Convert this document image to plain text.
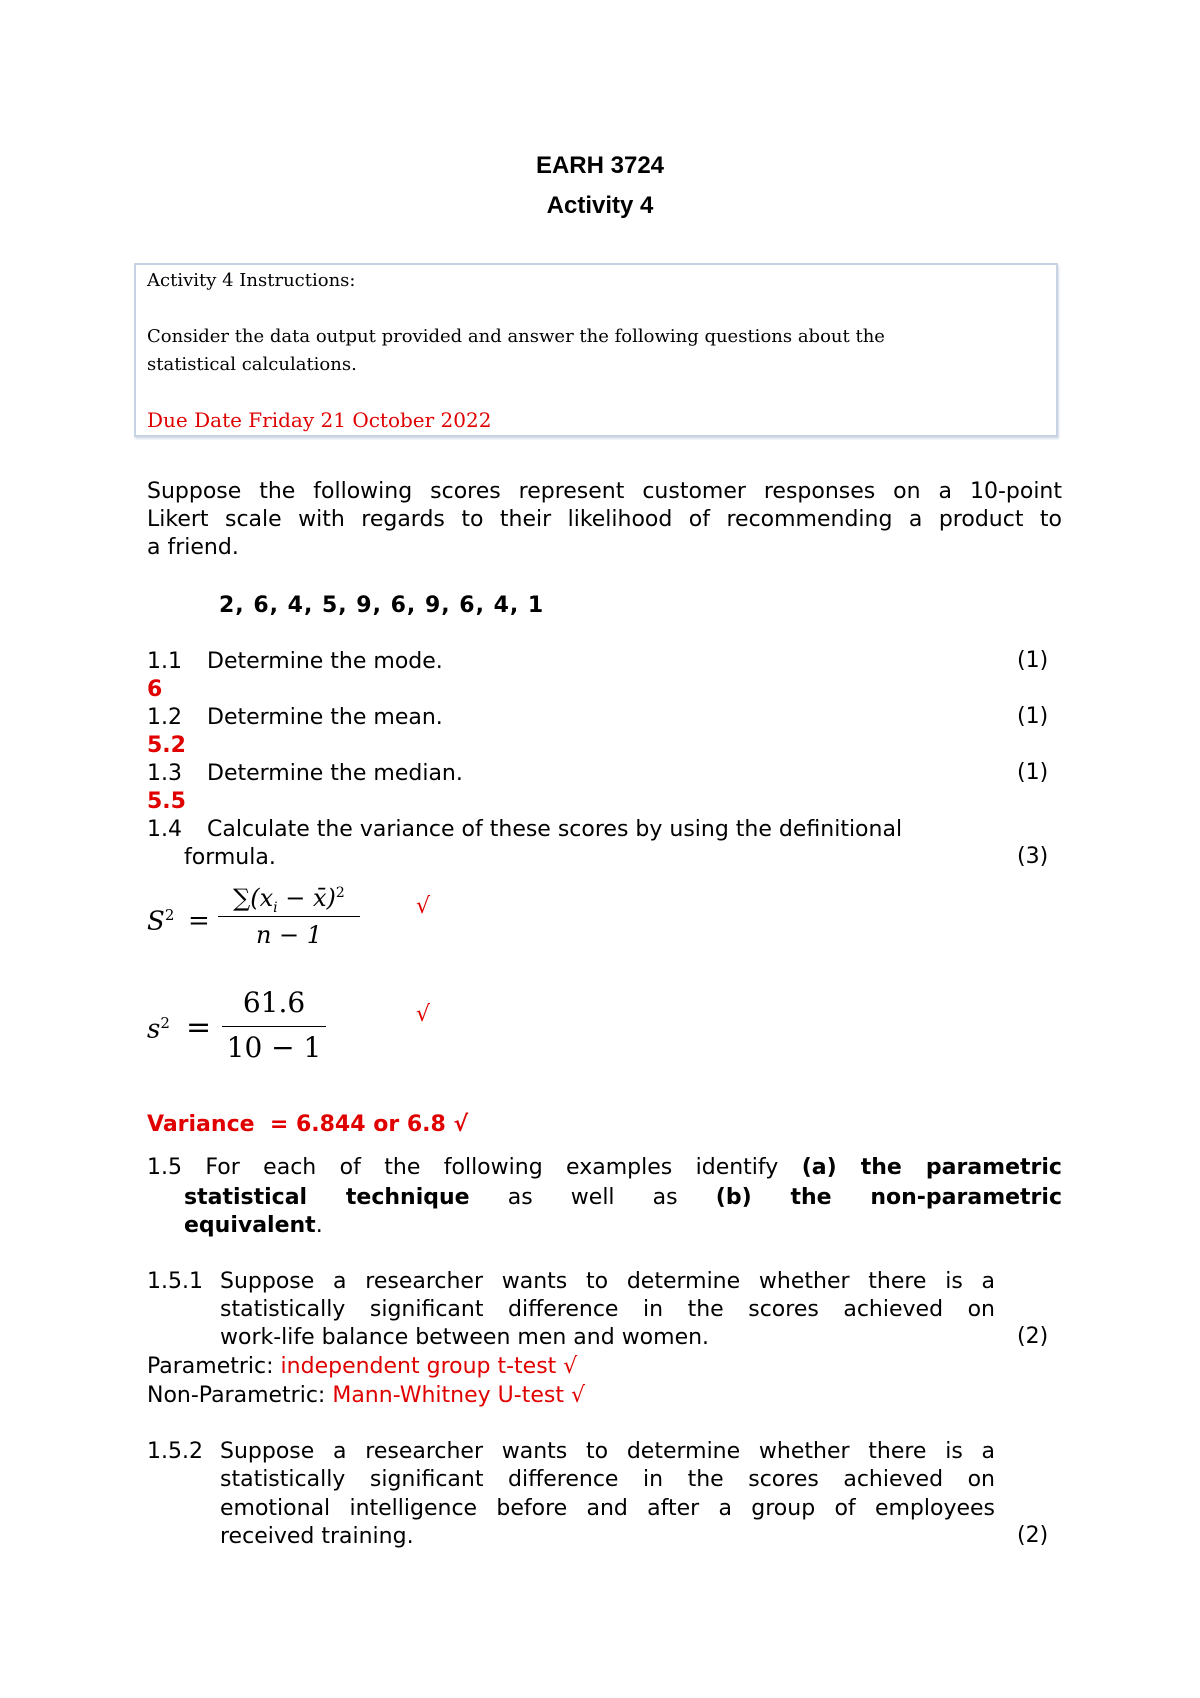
EARH 3724
Activity 4
Activity 4 Instructions:
Consider the data output provided and answer the following questions about the
statistical calculations.
Due Date Friday 21 October 2022
Suppose the following scores represent customer responses on a 10-point
Likert scale with regards to their likelihood of recommending a product to
a friend.
2, 6, 4, 5, 9, 6, 9, 6, 4, 1
1.1 Determine the mode.	(1)
6
1.2 Determine the mean.	(1)
5.2
1.3 Determine the median.	(1)
5.5
1.4 Calculate the variance of these scores by using the definitional
formula.	(3)
$S^2$ =
$\sum(x_i$ − x̄)$^2$
n − 1
√
$s^2$ =
61.6
10 − 1
√
Variance = 6.844 or 6.8 √
1.5 For each of the following examples identify (a) the parametric
statistical technique as well as (b) the non-parametric
equivalent.
1.5.1 Suppose a researcher wants to determine whether there is a
statistically significant difference in the scores achieved on
work-life balance between men and women.	(2)
Parametric: independent group t-test √
Non-Parametric: Mann-Whitney U-test √
1.5.2 Suppose a researcher wants to determine whether there is a
statistically significant difference in the scores achieved on
emotional intelligence before and after a group of employees
received training.	(2)
